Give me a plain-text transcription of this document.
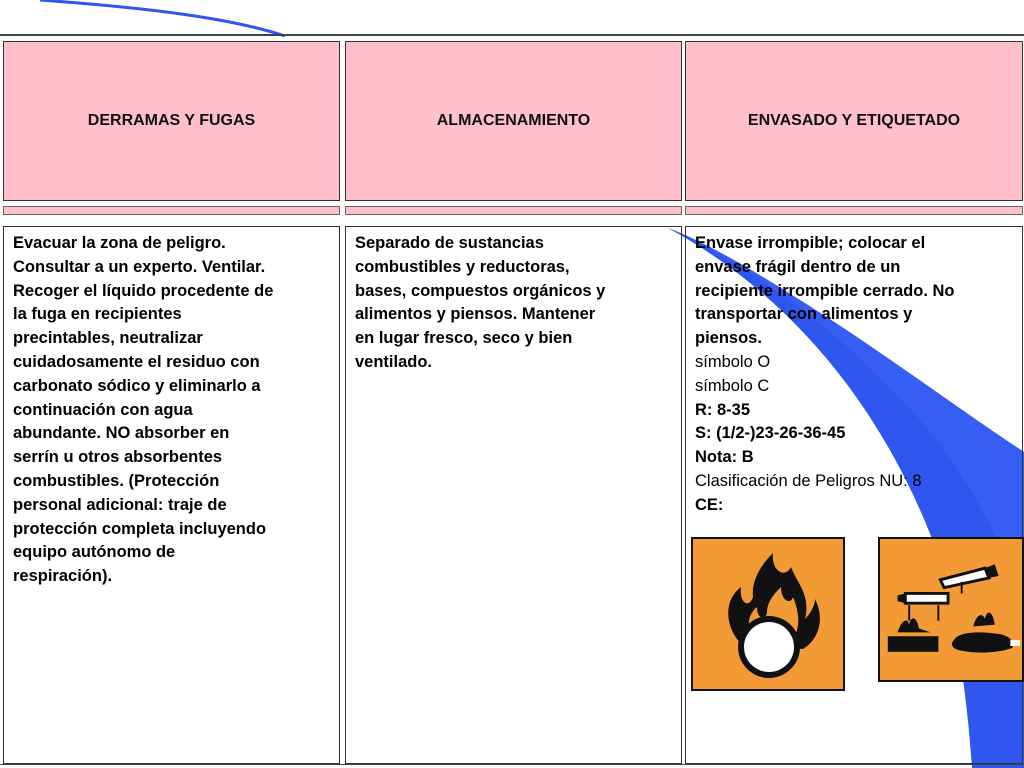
DERRAMAS Y FUGAS	ALMACENAMIENTO	ENVASADO Y ETIQUETADO
Evacuar la zona de peligro.
Consultar a un experto. Ventilar.
Recoger el líquido procedente de
la fuga en recipientes
precintables, neutralizar
cuidadosamente el residuo con
carbonato sódico y eliminarlo a
continuación con agua
abundante. NO absorber en
serrín u otros absorbentes
combustibles. (Protección
personal adicional: traje de
protección completa incluyendo
equipo autónomo de
respiración).
Separado de sustancias
combustibles y reductoras,
bases, compuestos orgánicos y
alimentos y piensos. Mantener
en lugar fresco, seco y bien
ventilado.
Envase irrompible; colocar el
envase frágil dentro de un
recipiente irrompible cerrado. No
transportar con alimentos y
piensos.
símbolo O
símbolo C
R: 8-35
S: (1/2-)23-26-36-45
Nota: B
Clasificación de Peligros NU: 8
CE:
